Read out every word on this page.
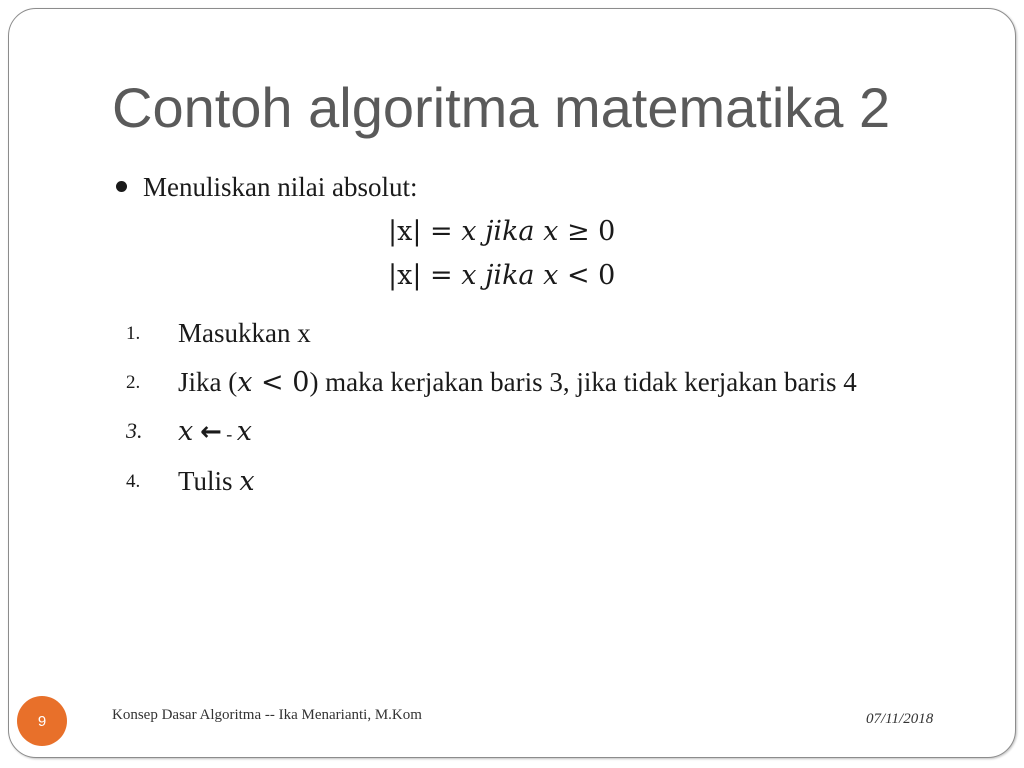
Contoh algoritma matematika 2
Menuliskan nilai absolut:
|x| = x jika x ≥ 0
|x| = x jika x < 0
1. Masukkan x
2. Jika (x < 0) maka kerjakan baris 3, jika tidak kerjakan baris 4
3. x ← - x
4. Tulis x
9	Konsep Dasar Algoritma -- Ika Menarianti, M.Kom	07/11/2018
